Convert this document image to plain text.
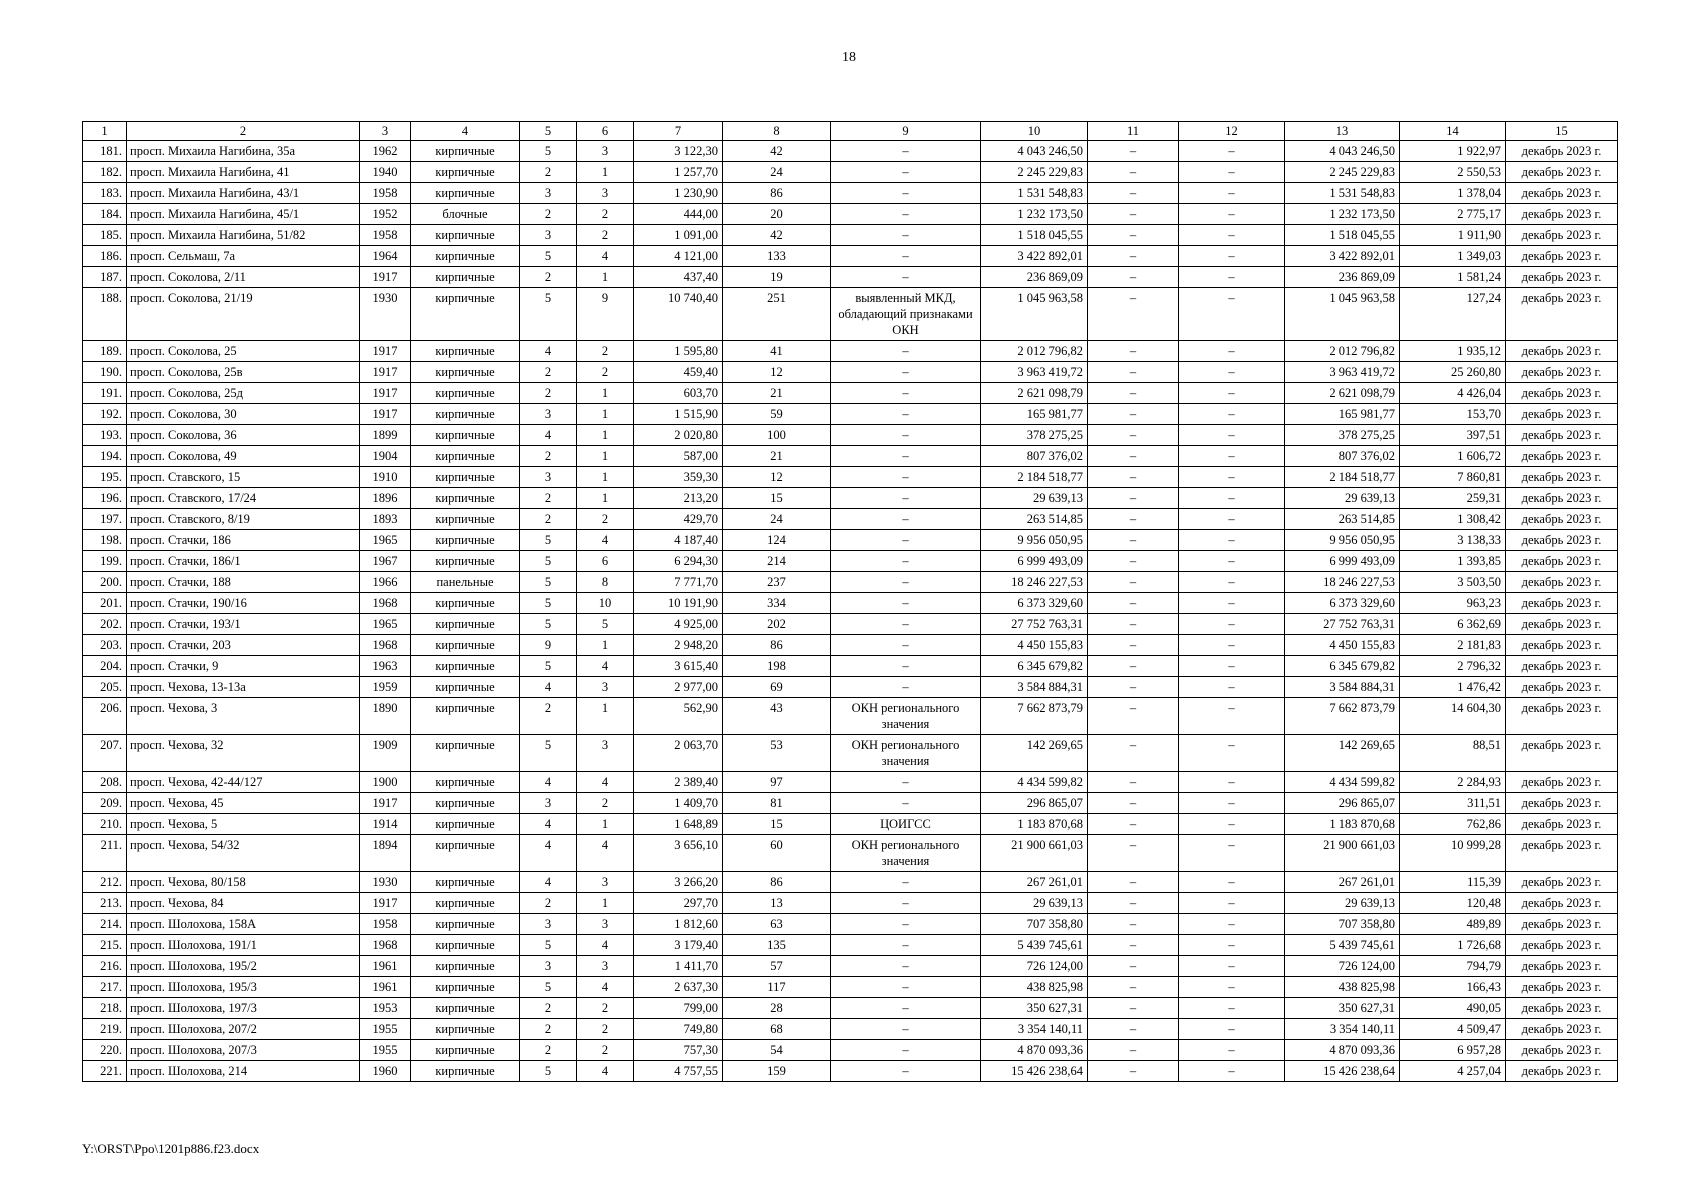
18
1	2	3	4	5	6	7	8	9	10	11	12	13	14	15
181.	просп. Михаила Нагибина, 35а	1962	кирпичные	5	3	3 122,30	42	–	4 043 246,50	–	–	4 043 246,50	1 922,97	декабрь 2023 г.
182.	просп. Михаила Нагибина, 41	1940	кирпичные	2	1	1 257,70	24	–	2 245 229,83	–	–	2 245 229,83	2 550,53	декабрь 2023 г.
183.	просп. Михаила Нагибина, 43/1	1958	кирпичные	3	3	1 230,90	86	–	1 531 548,83	–	–	1 531 548,83	1 378,04	декабрь 2023 г.
184.	просп. Михаила Нагибина, 45/1	1952	блочные	2	2	444,00	20	–	1 232 173,50	–	–	1 232 173,50	2 775,17	декабрь 2023 г.
185.	просп. Михаила Нагибина, 51/82	1958	кирпичные	3	2	1 091,00	42	–	1 518 045,55	–	–	1 518 045,55	1 911,90	декабрь 2023 г.
186.	просп. Сельмаш, 7а	1964	кирпичные	5	4	4 121,00	133	–	3 422 892,01	–	–	3 422 892,01	1 349,03	декабрь 2023 г.
187.	просп. Соколова, 2/11	1917	кирпичные	2	1	437,40	19	–	236 869,09	–	–	236 869,09	1 581,24	декабрь 2023 г.
188.	просп. Соколова, 21/19	1930	кирпичные	5	9	10 740,40	251	выявленный МКД, обладающий признаками ОКН	1 045 963,58	–	–	1 045 963,58	127,24	декабрь 2023 г.
189.	просп. Соколова, 25	1917	кирпичные	4	2	1 595,80	41	–	2 012 796,82	–	–	2 012 796,82	1 935,12	декабрь 2023 г.
190.	просп. Соколова, 25в	1917	кирпичные	2	2	459,40	12	–	3 963 419,72	–	–	3 963 419,72	25 260,80	декабрь 2023 г.
191.	просп. Соколова, 25д	1917	кирпичные	2	1	603,70	21	–	2 621 098,79	–	–	2 621 098,79	4 426,04	декабрь 2023 г.
192.	просп. Соколова, 30	1917	кирпичные	3	1	1 515,90	59	–	165 981,77	–	–	165 981,77	153,70	декабрь 2023 г.
193.	просп. Соколова, 36	1899	кирпичные	4	1	2 020,80	100	–	378 275,25	–	–	378 275,25	397,51	декабрь 2023 г.
194.	просп. Соколова, 49	1904	кирпичные	2	1	587,00	21	–	807 376,02	–	–	807 376,02	1 606,72	декабрь 2023 г.
195.	просп. Ставского, 15	1910	кирпичные	3	1	359,30	12	–	2 184 518,77	–	–	2 184 518,77	7 860,81	декабрь 2023 г.
196.	просп. Ставского, 17/24	1896	кирпичные	2	1	213,20	15	–	29 639,13	–	–	29 639,13	259,31	декабрь 2023 г.
197.	просп. Ставского, 8/19	1893	кирпичные	2	2	429,70	24	–	263 514,85	–	–	263 514,85	1 308,42	декабрь 2023 г.
198.	просп. Стачки, 186	1965	кирпичные	5	4	4 187,40	124	–	9 956 050,95	–	–	9 956 050,95	3 138,33	декабрь 2023 г.
199.	просп. Стачки, 186/1	1967	кирпичные	5	6	6 294,30	214	–	6 999 493,09	–	–	6 999 493,09	1 393,85	декабрь 2023 г.
200.	просп. Стачки, 188	1966	панельные	5	8	7 771,70	237	–	18 246 227,53	–	–	18 246 227,53	3 503,50	декабрь 2023 г.
201.	просп. Стачки, 190/16	1968	кирпичные	5	10	10 191,90	334	–	6 373 329,60	–	–	6 373 329,60	963,23	декабрь 2023 г.
202.	просп. Стачки, 193/1	1965	кирпичные	5	5	4 925,00	202	–	27 752 763,31	–	–	27 752 763,31	6 362,69	декабрь 2023 г.
203.	просп. Стачки, 203	1968	кирпичные	9	1	2 948,20	86	–	4 450 155,83	–	–	4 450 155,83	2 181,83	декабрь 2023 г.
204.	просп. Стачки, 9	1963	кирпичные	5	4	3 615,40	198	–	6 345 679,82	–	–	6 345 679,82	2 796,32	декабрь 2023 г.
205.	просп. Чехова, 13-13а	1959	кирпичные	4	3	2 977,00	69	–	3 584 884,31	–	–	3 584 884,31	1 476,42	декабрь 2023 г.
206.	просп. Чехова, 3	1890	кирпичные	2	1	562,90	43	ОКН регионального значения	7 662 873,79	–	–	7 662 873,79	14 604,30	декабрь 2023 г.
207.	просп. Чехова, 32	1909	кирпичные	5	3	2 063,70	53	ОКН регионального значения	142 269,65	–	–	142 269,65	88,51	декабрь 2023 г.
208.	просп. Чехова, 42-44/127	1900	кирпичные	4	4	2 389,40	97	–	4 434 599,82	–	–	4 434 599,82	2 284,93	декабрь 2023 г.
209.	просп. Чехова, 45	1917	кирпичные	3	2	1 409,70	81	–	296 865,07	–	–	296 865,07	311,51	декабрь 2023 г.
210.	просп. Чехова, 5	1914	кирпичные	4	1	1 648,89	15	ЦОИГСС	1 183 870,68	–	–	1 183 870,68	762,86	декабрь 2023 г.
211.	просп. Чехова, 54/32	1894	кирпичные	4	4	3 656,10	60	ОКН регионального значения	21 900 661,03	–	–	21 900 661,03	10 999,28	декабрь 2023 г.
212.	просп. Чехова, 80/158	1930	кирпичные	4	3	3 266,20	86	–	267 261,01	–	–	267 261,01	115,39	декабрь 2023 г.
213.	просп. Чехова, 84	1917	кирпичные	2	1	297,70	13	–	29 639,13	–	–	29 639,13	120,48	декабрь 2023 г.
214.	просп. Шолохова, 158А	1958	кирпичные	3	3	1 812,60	63	–	707 358,80	–	–	707 358,80	489,89	декабрь 2023 г.
215.	просп. Шолохова, 191/1	1968	кирпичные	5	4	3 179,40	135	–	5 439 745,61	–	–	5 439 745,61	1 726,68	декабрь 2023 г.
216.	просп. Шолохова, 195/2	1961	кирпичные	3	3	1 411,70	57	–	726 124,00	–	–	726 124,00	794,79	декабрь 2023 г.
217.	просп. Шолохова, 195/3	1961	кирпичные	5	4	2 637,30	117	–	438 825,98	–	–	438 825,98	166,43	декабрь 2023 г.
218.	просп. Шолохова, 197/3	1953	кирпичные	2	2	799,00	28	–	350 627,31	–	–	350 627,31	490,05	декабрь 2023 г.
219.	просп. Шолохова, 207/2	1955	кирпичные	2	2	749,80	68	–	3 354 140,11	–	–	3 354 140,11	4 509,47	декабрь 2023 г.
220.	просп. Шолохова, 207/3	1955	кирпичные	2	2	757,30	54	–	4 870 093,36	–	–	4 870 093,36	6 957,28	декабрь 2023 г.
221.	просп. Шолохова, 214	1960	кирпичные	5	4	4 757,55	159	–	15 426 238,64	–	–	15 426 238,64	4 257,04	декабрь 2023 г.
Y:\ORST\Ppo\1201p886.f23.docx
